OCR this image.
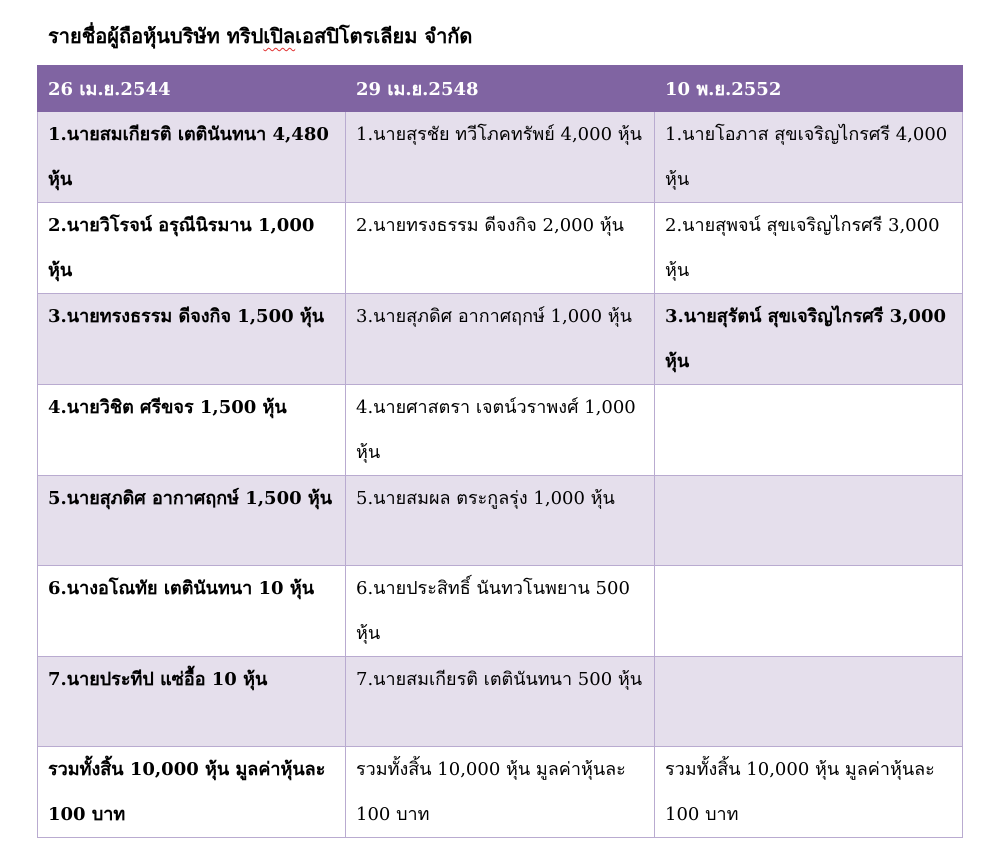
รายชื่อผู้ถือหุ้นบริษัท ทริปเปิลเอสปิโตรเลียม จำกัด
26 เม.ย.2544	29 เม.ย.2548	10 พ.ย.2552
1.นายสมเกียรติ เตตินันทนา 4,480 หุ้น	1.นายสุรชัย ทวีโภคทรัพย์ 4,000 หุ้น	1.นายโอภาส สุขเจริญไกรศรี 4,000 หุ้น
2.นายวิโรจน์ อรุณีนิรมาน 1,000 หุ้น	2.นายทรงธรรม ดีจงกิจ 2,000 หุ้น	2.นายสุพจน์ สุขเจริญไกรศรี 3,000 หุ้น
3.นายทรงธรรม ดีจงกิจ 1,500 หุ้น	3.นายสุภดิศ อากาศฤกษ์ 1,000 หุ้น	3.นายสุรัตน์ สุขเจริญไกรศรี 3,000 หุ้น
4.นายวิชิต ศรีขจร 1,500 หุ้น	4.นายศาสตรา เจตน์วราพงศ์ 1,000 หุ้น	
5.นายสุภดิศ อากาศฤกษ์ 1,500 หุ้น	5.นายสมผล ตระกูลรุ่ง 1,000 หุ้น	
6.นางอโณทัย เตตินันทนา 10 หุ้น	6.นายประสิทธิ์ นันทวโนพยาน 500 หุ้น	
7.นายประทีป แซ่อื้อ 10 หุ้น	7.นายสมเกียรติ เตตินันทนา 500 หุ้น	
รวมทั้งสิ้น 10,000 หุ้น มูลค่าหุ้นละ 100 บาท	รวมทั้งสิ้น 10,000 หุ้น มูลค่าหุ้นละ 100 บาท	รวมทั้งสิ้น 10,000 หุ้น มูลค่าหุ้นละ 100 บาท
